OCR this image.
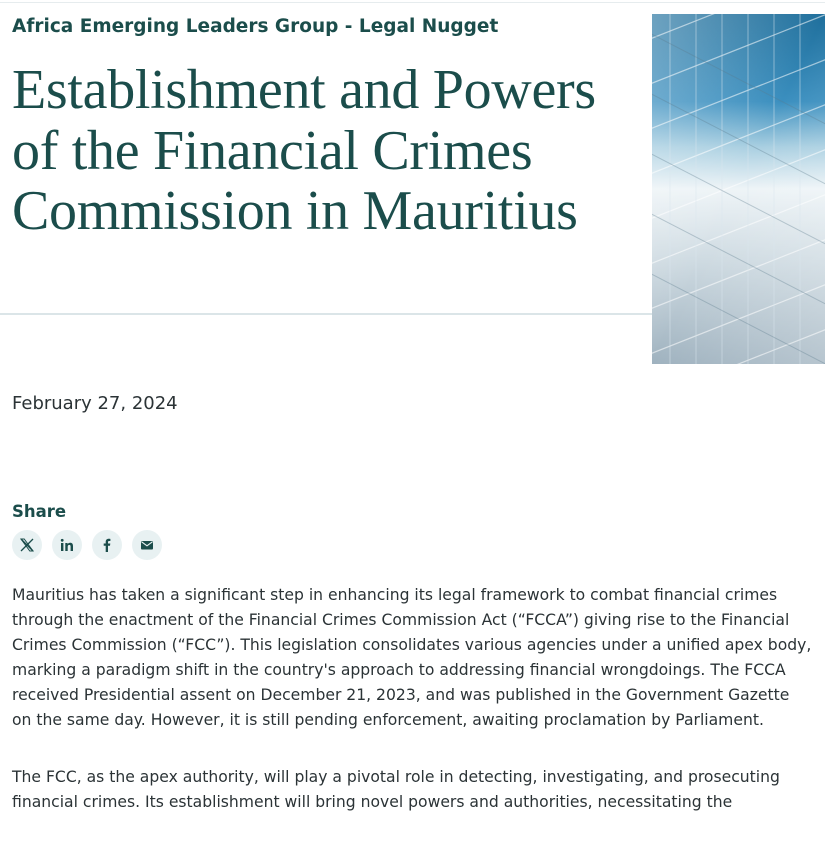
Africa Emerging Leaders Group - Legal Nugget
Establishment and Powers of the Financial Crimes Commission in Mauritius
February 27, 2024
Share

Mauritius has taken a significant step in enhancing its legal framework to combat financial crimes through the enactment of the Financial Crimes Commission Act (“FCCA”) giving rise to the Financial Crimes Commission (“FCC”). This legislation consolidates various agencies under a unified apex body, marking a paradigm shift in the country's approach to addressing financial wrongdoings. The FCCA received Presidential assent on December 21, 2023, and was published in the Government Gazette on the same day. However, it is still pending enforcement, awaiting proclamation by Parliament.

The FCC, as the apex authority, will play a pivotal role in detecting, investigating, and prosecuting financial crimes. Its establishment will bring novel powers and authorities, necessitating the
